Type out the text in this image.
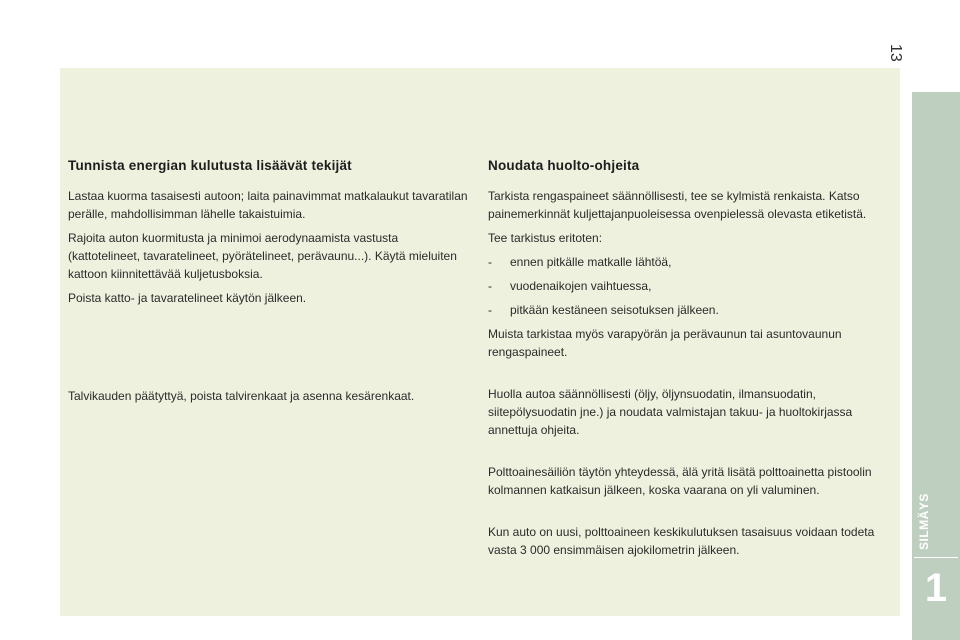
13
Tunnista energian kulutusta lisäävät tekijät

Lastaa kuorma tasaisesti autoon; laita painavimmat matkalaukut tavaratilan perälle, mahdollisimman lähelle takaistuimia.

Rajoita auton kuormitusta ja minimoi aerodynaamista vastusta (kattotelineet, tavaratelineet, pyörätelineet, perävaunu...). Käytä mieluiten kattoon kiinnitettävää kuljetusboksia.

Poista katto- ja tavaratelineet käytön jälkeen.

Talvikauden päätyttyä, poista talvirenkaat ja asenna kesärenkaat.

Noudata huolto-ohjeita

Tarkista rengaspaineet säännöllisesti, tee se kylmistä renkaista. Katso painemerkinnät kuljettajanpuoleisessa ovenpielessä olevasta etiketistä.

Tee tarkistus eritoten:

- ennen pitkälle matkalle lähtöä,
- vuodenaikojen vaihtuessa,
- pitkään kestäneen seisotuksen jälkeen.

Muista tarkistaa myös varapyörän ja perävaunun tai asuntovaunun rengaspaineet.

Huolla autoa säännöllisesti (öljy, öljynsuodatin, ilmansuodatin, siitepölysuodatin jne.) ja noudata valmistajan takuu- ja huoltokirjassa annettuja ohjeita.

Polttoainesäiliön täytön yhteydessä, älä yritä lisätä polttoainetta pistoolin kolmannen katkaisun jälkeen, koska vaarana on yli valuminen.

Kun auto on uusi, polttoaineen keskikulutuksen tasaisuus voidaan todeta vasta 3 000 ensimmäisen ajokilometrin jälkeen.	SILMÄYS
1
